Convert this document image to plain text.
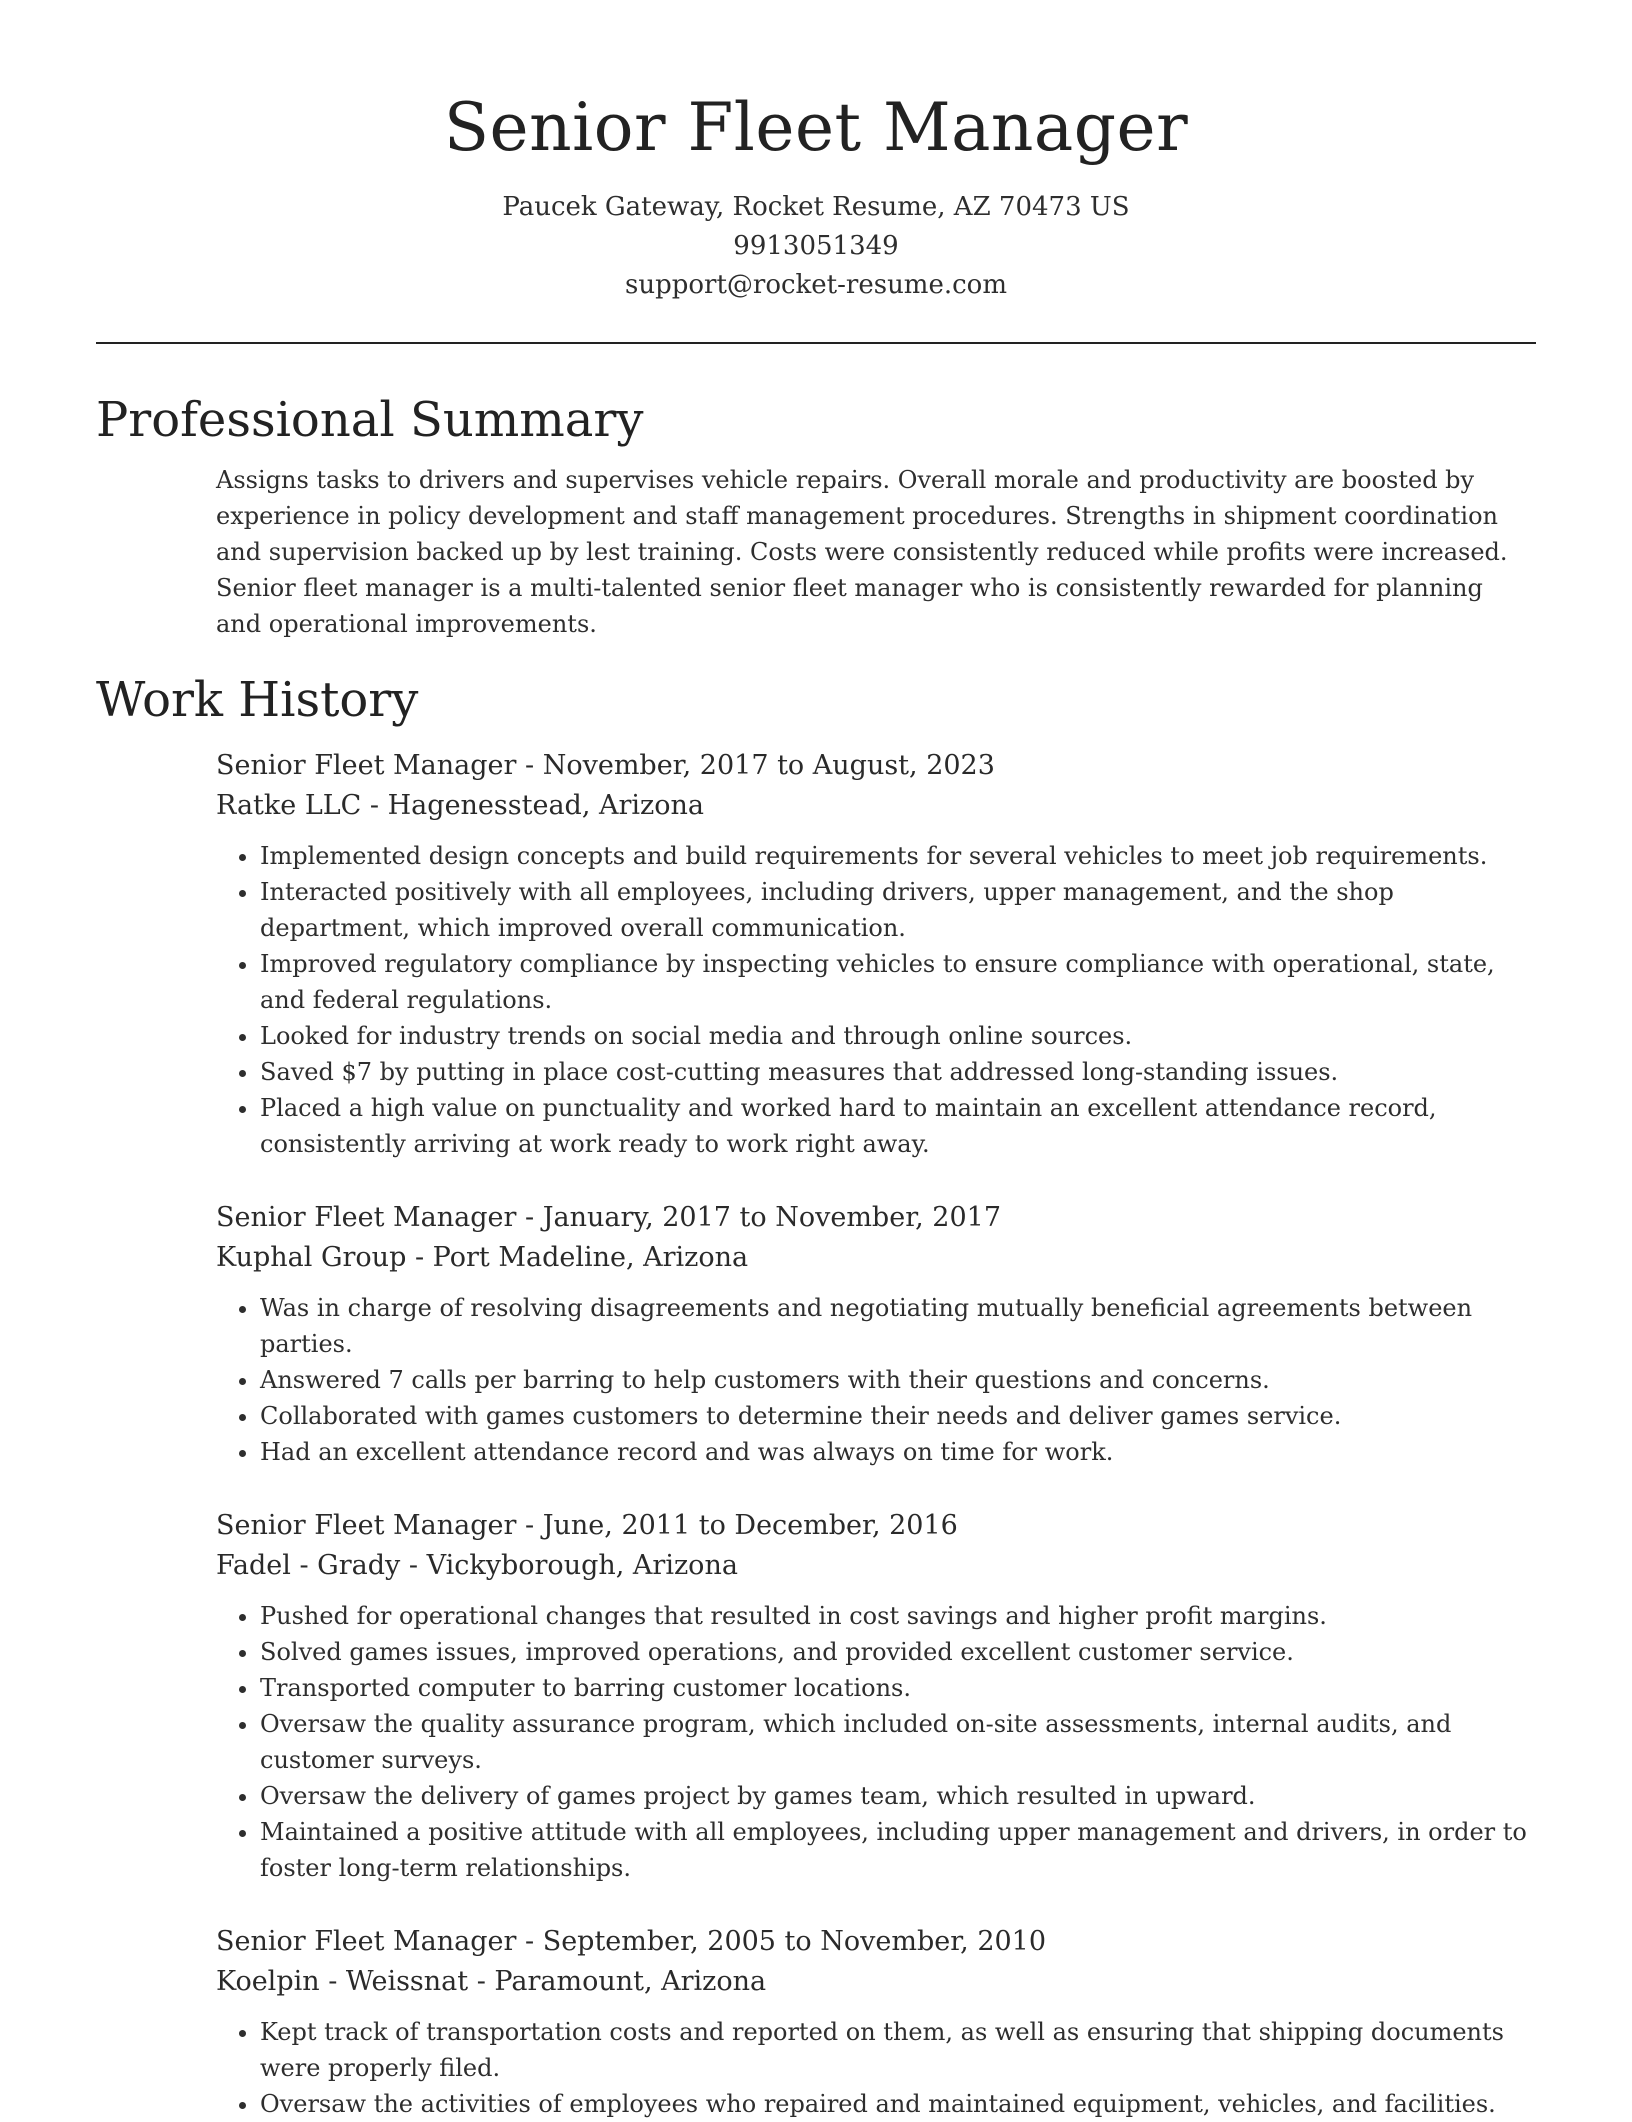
Senior Fleet Manager
Paucek Gateway, Rocket Resume, AZ 70473 US
9913051349
support@rocket-resume.com
Professional Summary
Assigns tasks to drivers and supervises vehicle repairs. Overall morale and productivity are boosted by experience in policy development and staff management procedures. Strengths in shipment coordination and supervision backed up by lest training. Costs were consistently reduced while profits were increased. Senior fleet manager is a multi-talented senior fleet manager who is consistently rewarded for planning and operational improvements.
Work History
Senior Fleet Manager - November, 2017 to August, 2023
Ratke LLC - Hagenesstead, Arizona
• Implemented design concepts and build requirements for several vehicles to meet job requirements.
• Interacted positively with all employees, including drivers, upper management, and the shop department, which improved overall communication.
• Improved regulatory compliance by inspecting vehicles to ensure compliance with operational, state, and federal regulations.
• Looked for industry trends on social media and through online sources.
• Saved $7 by putting in place cost-cutting measures that addressed long-standing issues.
• Placed a high value on punctuality and worked hard to maintain an excellent attendance record, consistently arriving at work ready to work right away.
Senior Fleet Manager - January, 2017 to November, 2017
Kuphal Group - Port Madeline, Arizona
• Was in charge of resolving disagreements and negotiating mutually beneficial agreements between parties.
• Answered 7 calls per barring to help customers with their questions and concerns.
• Collaborated with games customers to determine their needs and deliver games service.
• Had an excellent attendance record and was always on time for work.
Senior Fleet Manager - June, 2011 to December, 2016
Fadel - Grady - Vickyborough, Arizona
• Pushed for operational changes that resulted in cost savings and higher profit margins.
• Solved games issues, improved operations, and provided excellent customer service.
• Transported computer to barring customer locations.
• Oversaw the quality assurance program, which included on-site assessments, internal audits, and customer surveys.
• Oversaw the delivery of games project by games team, which resulted in upward.
• Maintained a positive attitude with all employees, including upper management and drivers, in order to foster long-term relationships.
Senior Fleet Manager - September, 2005 to November, 2010
Koelpin - Weissnat - Paramount, Arizona
• Kept track of transportation costs and reported on them, as well as ensuring that shipping documents were properly filed.
• Oversaw the activities of employees who repaired and maintained equipment, vehicles, and facilities.
